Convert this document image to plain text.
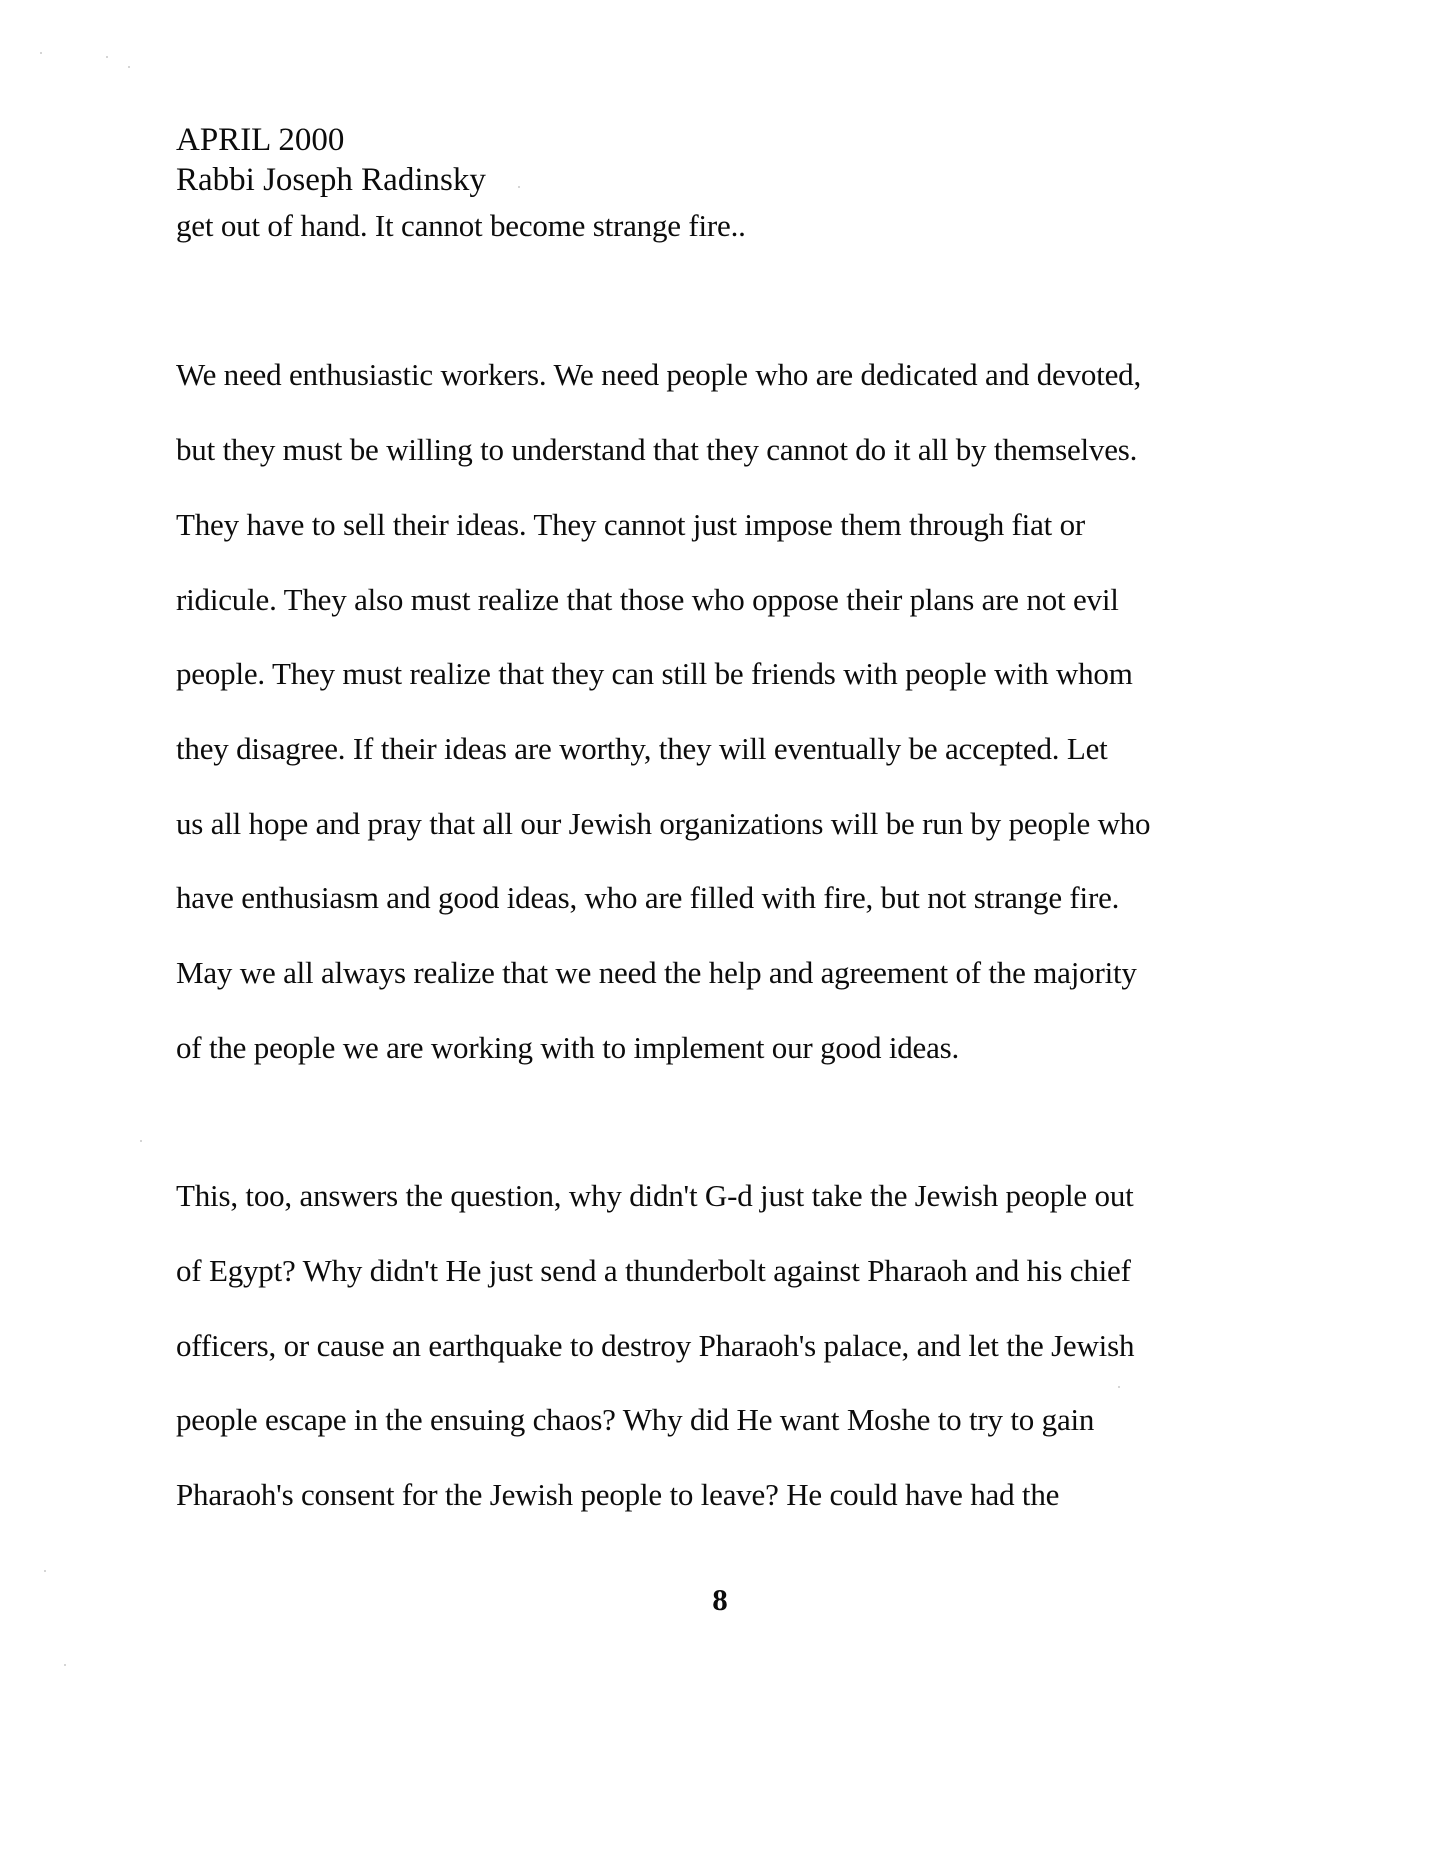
APRIL 2000
Rabbi Joseph Radinsky
get out of hand. It cannot become strange fire..
We need enthusiastic workers. We need people who are dedicated and devoted,
but they must be willing to understand that they cannot do it all by themselves.
They have to sell their ideas. They cannot just impose them through fiat or
ridicule. They also must realize that those who oppose their plans are not evil
people. They must realize that they can still be friends with people with whom
they disagree. If their ideas are worthy, they will eventually be accepted. Let
us all hope and pray that all our Jewish organizations will be run by people who
have enthusiasm and good ideas, who are filled with fire, but not strange fire.
May we all always realize that we need the help and agreement of the majority
of the people we are working with to implement our good ideas.
This, too, answers the question, why didn't G-d just take the Jewish people out
of Egypt? Why didn't He just send a thunderbolt against Pharaoh and his chief
officers, or cause an earthquake to destroy Pharaoh's palace, and let the Jewish
people escape in the ensuing chaos? Why did He want Moshe to try to gain
Pharaoh's consent for the Jewish people to leave? He could have had the
8
